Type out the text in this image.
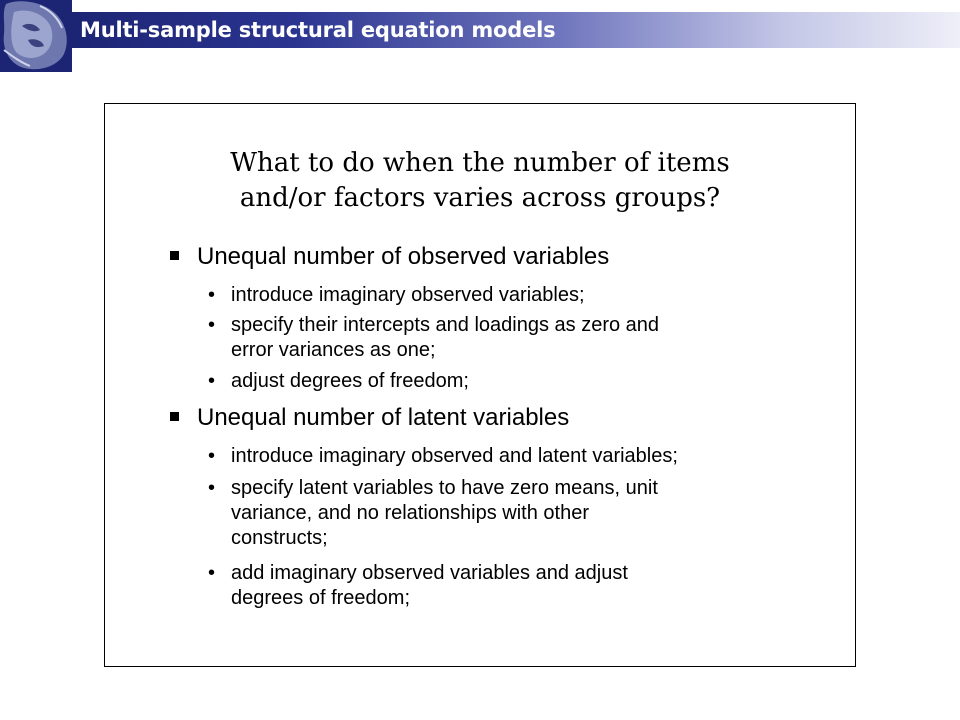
Multi-sample structural equation models
What to do when the number of items
and/or factors varies across groups?
Unequal number of observed variables
• introduce imaginary observed variables;
• specify their intercepts and loadings as zero and
error variances as one;
• adjust degrees of freedom;
Unequal number of latent variables
• introduce imaginary observed and latent variables;
• specify latent variables to have zero means, unit
variance, and no relationships with other
constructs;
• add imaginary observed variables and adjust
degrees of freedom;
